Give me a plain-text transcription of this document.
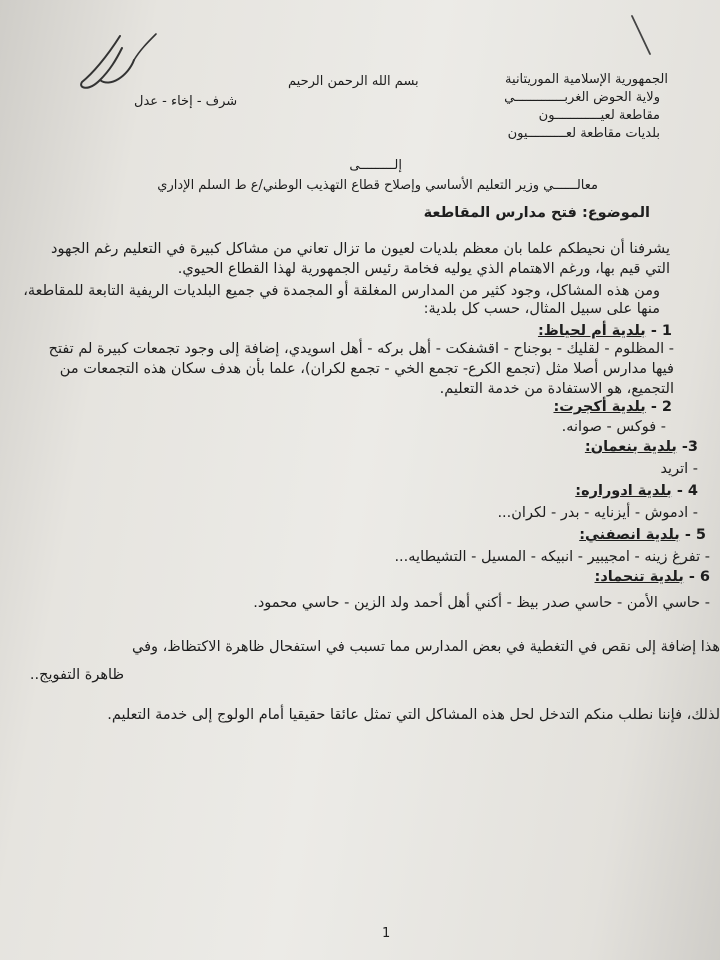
الجمهورية الإسلامية الموريتانية
ولاية الحوض الغربـــــــــــــي
مقاطعة لعيــــــــــــون
بلديات مقاطعة لعــــــــــيون
بسم الله الرحمن الرحيم
شرف - إخاء - عدل
إلـــــــــى
معالــــــي وزير التعليم الأساسي وإصلاح قطاع التهذيب الوطني/ع ط السلم الإداري
الموضوع: فتح مدارس المقاطعة
يشرفنا أن نحيطكم علما بان معظم بلديات لعيون ما تزال تعاني من مشاكل كبيرة في التعليم رغم الجهود
التي قيم بها، ورغم الاهتمام الذي يوليه فخامة رئيس الجمهورية لهذا القطاع الحيوي.
ومن هذه المشاكل، وجود كثير من المدارس المغلقة أو المجمدة في جميع البلديات الريفية التابعة للمقاطعة،
منها على سبيل المثال، حسب كل بلدية:
1 - بلدية أم لحياظ:
- المظلوم - لقليك - بوجناح - اقشفكت - أهل بركه - أهل اسويدي، إضافة إلى وجود تجمعات كبيرة لم تفتح
فيها مدارس أصلا مثل (تجمع الكرع- تجمع الخي - تجمع لكران)، علما بأن هدف سكان هذه التجمعات من
التجميع، هو الاستفادة من خدمة التعليم.
2 - بلدية أكجرت:
- فوكس - صوانه.
3- بلدية بنعمان:
- اتريد
4 - بلدية ادوراره:
- ادموش - أيزنايه - بدر - لكران...
5 - بلدية انصفني:
- تفرغ زينه - امجيبير - انبيكه - المسيل - التشيطايه...
6 - بلدية تنحماد:
- حاسي الأمن - حاسي صدر بيظ - أكني أهل أحمد ولد الزين - حاسي محمود.
هذا إضافة إلى نقص في التغطية في بعض المدارس مما تسبب في استفحال ظاهرة الاكتظاظ، وفي
ظاهرة التفويج..
لذلك، فإننا نطلب منكم التدخل لحل هذه المشاكل التي تمثل عائقا حقيقيا أمام الولوج إلى خدمة التعليم.
1
